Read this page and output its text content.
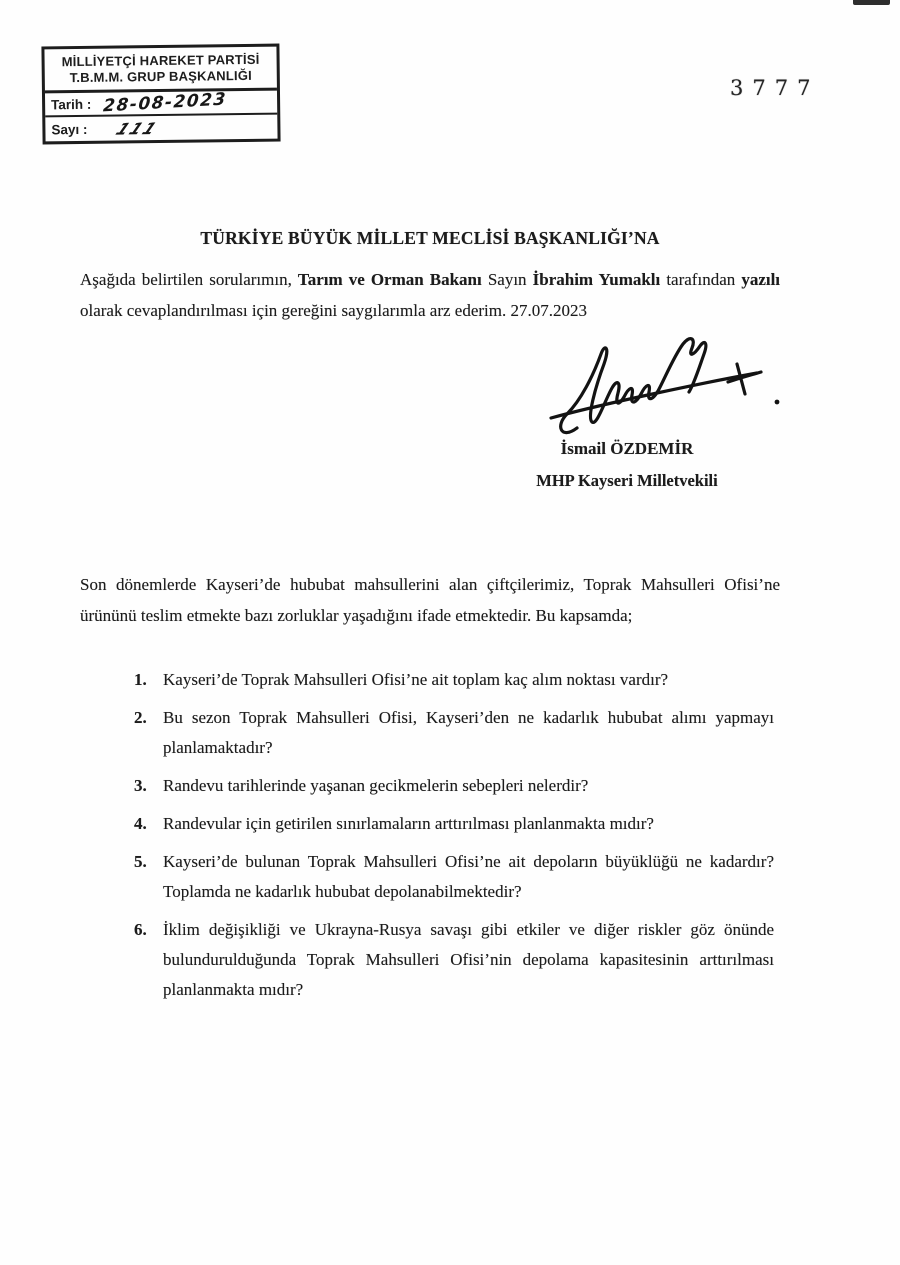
MİLLİYETÇİ HAREKET PARTİSİ
T.B.M.M. GRUP BAŞKANLIĞI
Tarih : 28-08-2023
Sayı : 111
3777
TÜRKİYE BÜYÜK MİLLET MECLİSİ BAŞKANLIĞI’NA

Aşağıda belirtilen sorularımın, Tarım ve Orman Bakanı Sayın İbrahim Yumaklı tarafından yazılı olarak cevaplandırılması için gereğini saygılarımla arz ederim. 27.07.2023

İsmail ÖZDEMİR
MHP Kayseri Milletvekili

Son dönemlerde Kayseri’de hububat mahsullerini alan çiftçilerimiz, Toprak Mahsulleri Ofisi’ne ürününü teslim etmekte bazı zorluklar yaşadığını ifade etmektedir. Bu kapsamda;

1. Kayseri’de Toprak Mahsulleri Ofisi’ne ait toplam kaç alım noktası vardır?
2. Bu sezon Toprak Mahsulleri Ofisi, Kayseri’den ne kadarlık hububat alımı yapmayı planlamaktadır?
3. Randevu tarihlerinde yaşanan gecikmelerin sebepleri nelerdir?
4. Randevular için getirilen sınırlamaların arttırılması planlanmakta mıdır?
5. Kayseri’de bulunan Toprak Mahsulleri Ofisi’ne ait depoların büyüklüğü ne kadardır? Toplamda ne kadarlık hububat depolanabilmektedir?
6. İklim değişikliği ve Ukrayna-Rusya savaşı gibi etkiler ve diğer riskler göz önünde bulundurulduğunda Toprak Mahsulleri Ofisi’nin depolama kapasitesinin arttırılması planlanmakta mıdır?
